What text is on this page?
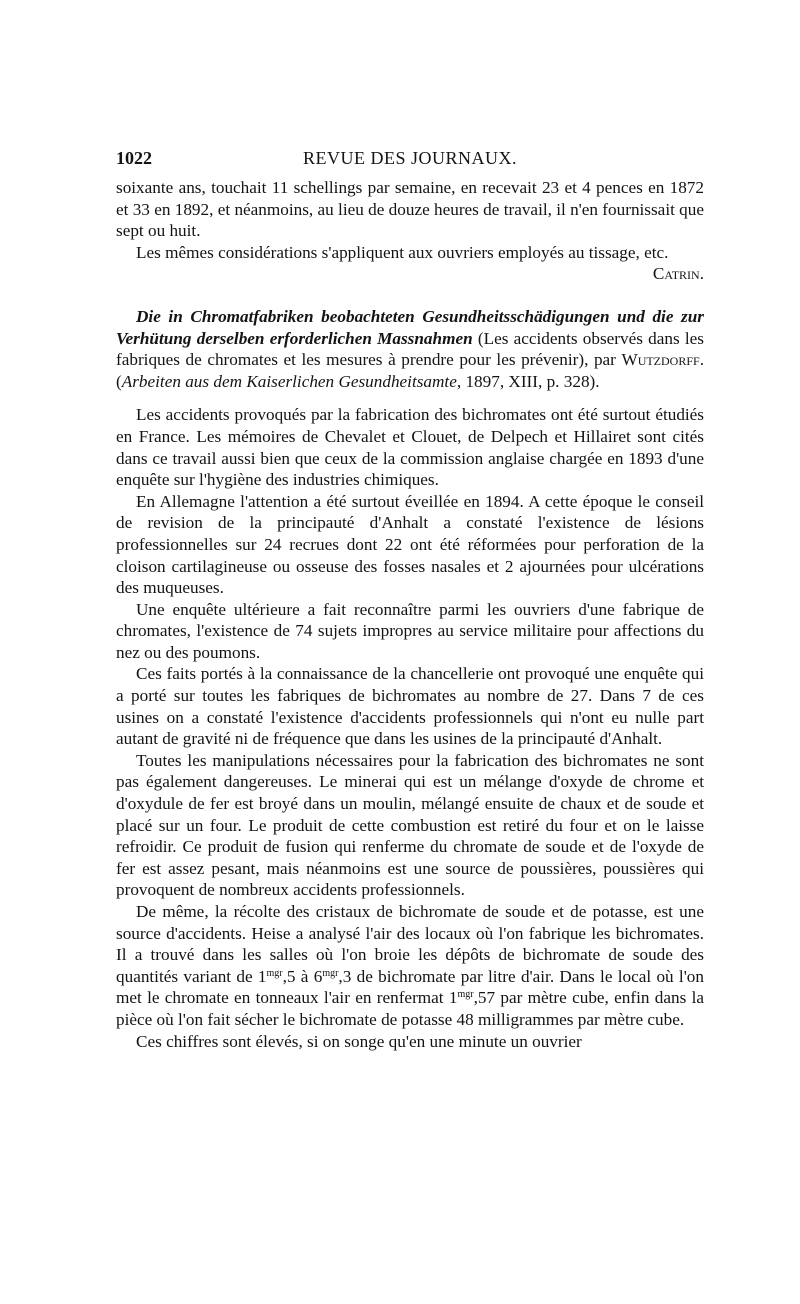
1022	REVUE DES JOURNAUX.

soixante ans, touchait 11 schellings par semaine, en recevait 23 et 4 pences en 1872 et 33 en 1892, et néanmoins, au lieu de douze heures de travail, il n'en fournissait que sept ou huit.

Les mêmes considérations s'appliquent aux ouvriers employés au tissage, etc.

Catrin.

Die in Chromatfabriken beobachteten Gesundheitsschädigungen und die zur Verhütung derselben erforderlichen Massnahmen (Les accidents observés dans les fabriques de chromates et les mesures à prendre pour les prévenir), par Wutzdorff. (Arbeiten aus dem Kaiserlichen Gesundheitsamte, 1897, XIII, p. 328).

Les accidents provoqués par la fabrication des bichromates ont été surtout étudiés en France. Les mémoires de Chevalet et Clouet, de Delpech et Hillairet sont cités dans ce travail aussi bien que ceux de la commission anglaise chargée en 1893 d'une enquête sur l'hygiène des industries chimiques.

En Allemagne l'attention a été surtout éveillée en 1894. A cette époque le conseil de revision de la principauté d'Anhalt a constaté l'existence de lésions professionnelles sur 24 recrues dont 22 ont été réformées pour perforation de la cloison cartilagineuse ou osseuse des fosses nasales et 2 ajournées pour ulcérations des muqueuses.

Une enquête ultérieure a fait reconnaître parmi les ouvriers d'une fabrique de chromates, l'existence de 74 sujets impropres au service militaire pour affections du nez ou des poumons.

Ces faits portés à la connaissance de la chancellerie ont provoqué une enquête qui a porté sur toutes les fabriques de bichromates au nombre de 27. Dans 7 de ces usines on a constaté l'existence d'accidents professionnels qui n'ont eu nulle part autant de gravité ni de fréquence que dans les usines de la principauté d'Anhalt.

Toutes les manipulations nécessaires pour la fabrication des bichromates ne sont pas également dangereuses. Le minerai qui est un mélange d'oxyde de chrome et d'oxydule de fer est broyé dans un moulin, mélangé ensuite de chaux et de soude et placé sur un four. Le produit de cette combustion est retiré du four et on le laisse refroidir. Ce produit de fusion qui renferme du chromate de soude et de l'oxyde de fer est assez pesant, mais néanmoins est une source de poussières, poussières qui provoquent de nombreux accidents professionnels.

De même, la récolte des cristaux de bichromate de soude et de potasse, est une source d'accidents. Heise a analysé l'air des locaux où l'on fabrique les bichromates. Il a trouvé dans les salles où l'on broie les dépôts de bichromate de soude des quantités variant de $1^{mgr},5$ à $6^{mgr},3$ de bichromate par litre d'air. Dans le local où l'on met le chromate en tonneaux l'air en renfermat $1^{mgr},57$ par mètre cube, enfin dans la pièce où l'on fait sécher le bichromate de potasse 48 milligrammes par mètre cube.

Ces chiffres sont élevés, si on songe qu'en une minute un ouvrier
